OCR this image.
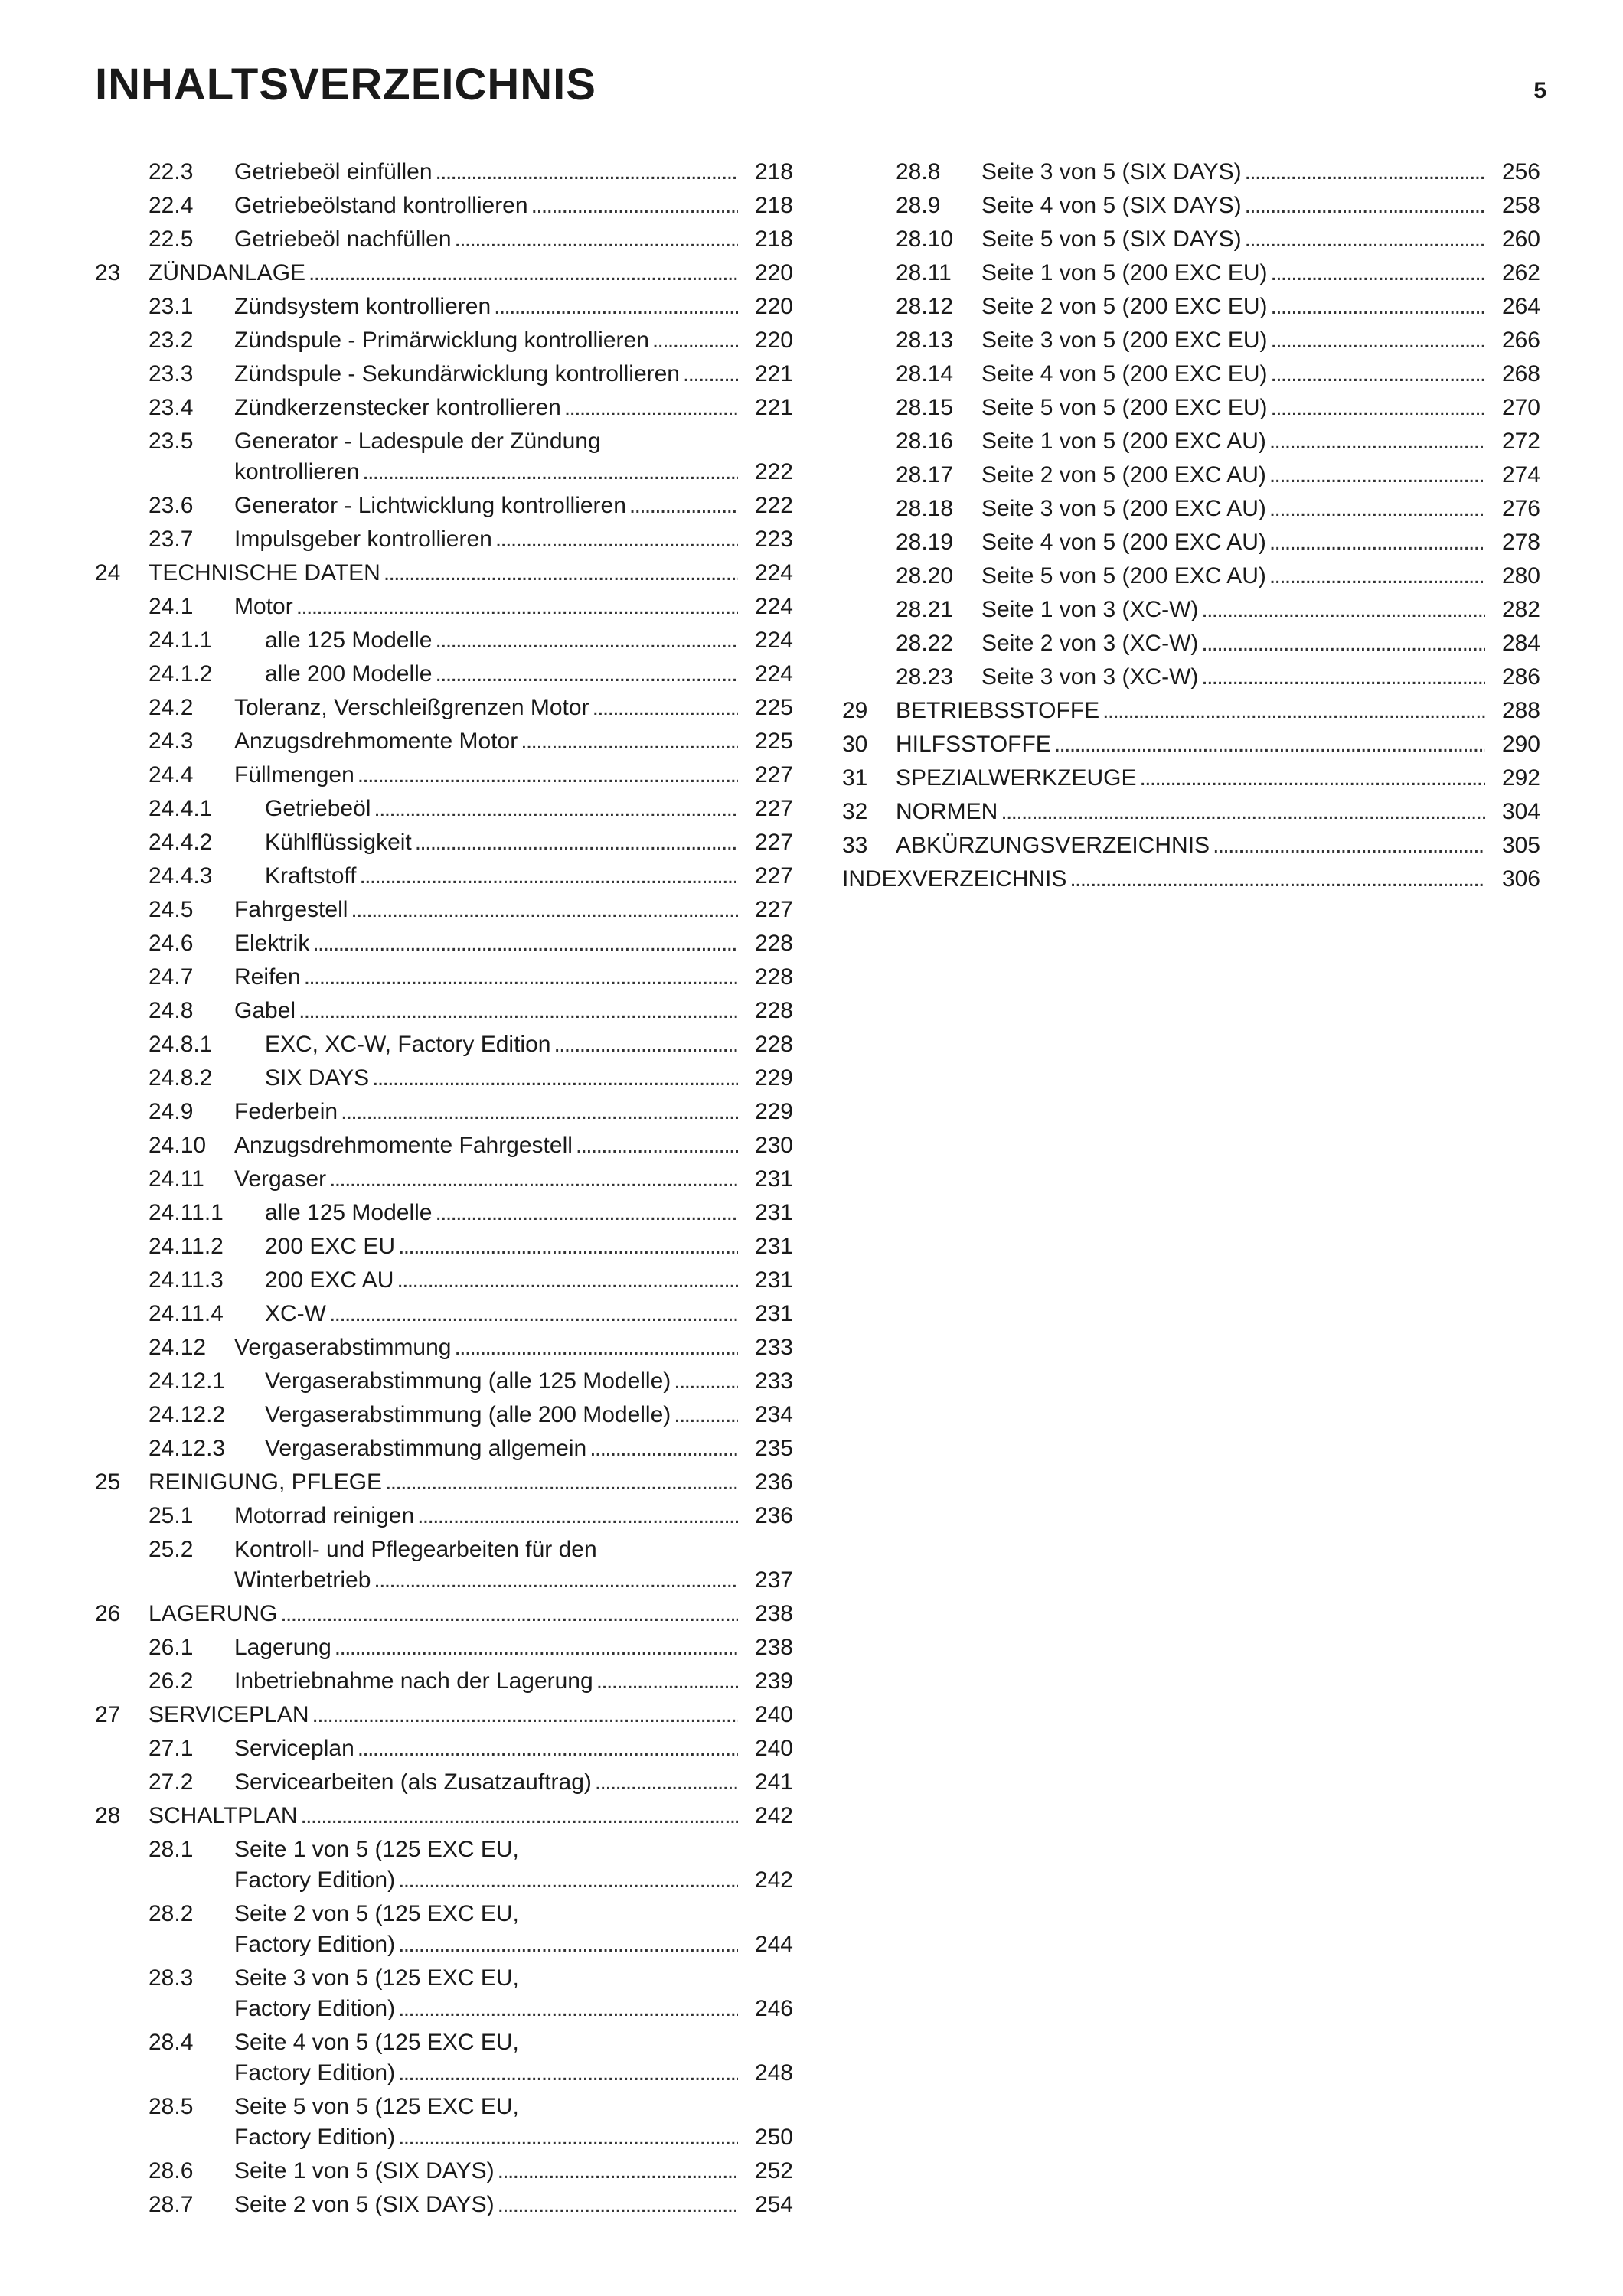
INHALTSVERZEICHNIS	5
22.3 Getriebeöl einfüllen . . .	218
22.4 Getriebeölstand kontrollieren . . .	218
22.5 Getriebeöl nachfüllen . . .	218
23 ZÜNDANLAGE . . .	220
23.1 Zündsystem kontrollieren . . .	220
23.2 Zündspule - Primärwicklung kontrollieren . . .	220
23.3 Zündspule - Sekundärwicklung kontrollieren . . .	221
23.4 Zündkerzenstecker kontrollieren . . .	221
23.5 Generator - Ladespule der Zündung
kontrollieren . . .	222
23.6 Generator - Lichtwicklung kontrollieren . . .	222
23.7 Impulsgeber kontrollieren . . .	223
24 TECHNISCHE DATEN . . .	224
24.1 Motor . . .	224
24.1.1 alle 125 Modelle . . .	224
24.1.2 alle 200 Modelle . . .	224
24.2 Toleranz, Verschleißgrenzen Motor . . .	225
24.3 Anzugsdrehmomente Motor . . .	225
24.4 Füllmengen . . .	227
24.4.1 Getriebeöl . . .	227
24.4.2 Kühlflüssigkeit . . .	227
24.4.3 Kraftstoff . . .	227
24.5 Fahrgestell . . .	227
24.6 Elektrik . . .	228
24.7 Reifen . . .	228
24.8 Gabel . . .	228
24.8.1 EXC, XC-W, Factory Edition . . .	228
24.8.2 SIX DAYS . . .	229
24.9 Federbein . . .	229
24.10 Anzugsdrehmomente Fahrgestell . . .	230
24.11 Vergaser . . .	231
24.11.1 alle 125 Modelle . . .	231
24.11.2 200 EXC EU . . .	231
24.11.3 200 EXC AU . . .	231
24.11.4 XC-W . . .	231
24.12 Vergaserabstimmung . . .	233
24.12.1 Vergaserabstimmung (alle 125 Modelle) . . .	233
24.12.2 Vergaserabstimmung (alle 200 Modelle) . . .	234
24.12.3 Vergaserabstimmung allgemein . . .	235
25 REINIGUNG, PFLEGE . . .	236
25.1 Motorrad reinigen . . .	236
25.2 Kontroll- und Pflegearbeiten für den
Winterbetrieb . . .	237
26 LAGERUNG . . .	238
26.1 Lagerung . . .	238
26.2 Inbetriebnahme nach der Lagerung . . .	239
27 SERVICEPLAN . . .	240
27.1 Serviceplan . . .	240
27.2 Servicearbeiten (als Zusatzauftrag) . . .	241
28 SCHALTPLAN . . .	242
28.1 Seite 1 von 5 (125 EXC EU,
Factory Edition) . . .	242
28.2 Seite 2 von 5 (125 EXC EU,
Factory Edition) . . .	244
28.3 Seite 3 von 5 (125 EXC EU,
Factory Edition) . . .	246
28.4 Seite 4 von 5 (125 EXC EU,
Factory Edition) . . .	248
28.5 Seite 5 von 5 (125 EXC EU,
Factory Edition) . . .	250
28.6 Seite 1 von 5 (SIX DAYS) . . .	252
28.7 Seite 2 von 5 (SIX DAYS) . . .	254
28.8 Seite 3 von 5 (SIX DAYS) . . .	256
28.9 Seite 4 von 5 (SIX DAYS) . . .	258
28.10 Seite 5 von 5 (SIX DAYS) . . .	260
28.11 Seite 1 von 5 (200 EXC EU) . . .	262
28.12 Seite 2 von 5 (200 EXC EU) . . .	264
28.13 Seite 3 von 5 (200 EXC EU) . . .	266
28.14 Seite 4 von 5 (200 EXC EU) . . .	268
28.15 Seite 5 von 5 (200 EXC EU) . . .	270
28.16 Seite 1 von 5 (200 EXC AU) . . .	272
28.17 Seite 2 von 5 (200 EXC AU) . . .	274
28.18 Seite 3 von 5 (200 EXC AU) . . .	276
28.19 Seite 4 von 5 (200 EXC AU) . . .	278
28.20 Seite 5 von 5 (200 EXC AU) . . .	280
28.21 Seite 1 von 3 (XC-W) . . .	282
28.22 Seite 2 von 3 (XC-W) . . .	284
28.23 Seite 3 von 3 (XC-W) . . .	286
29 BETRIEBSSTOFFE . . .	288
30 HILFSSTOFFE . . .	290
31 SPEZIALWERKZEUGE . . .	292
32 NORMEN . . .	304
33 ABKÜRZUNGSVERZEICHNIS . . .	305
INDEXVERZEICHNIS . . .	306
